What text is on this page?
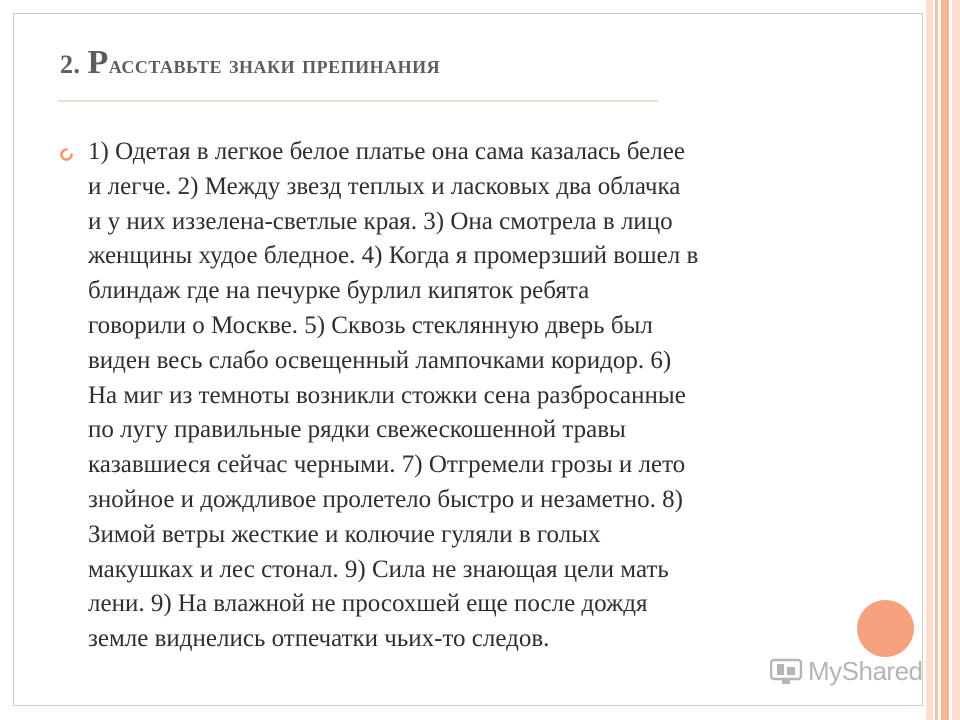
2. Расставьте знаки препинания

1) Одетая в легкое белое платье она сама казалась белее
и легче. 2) Между звезд теплых и ласковых два облачка
и у них иззелена-светлые края. 3) Она смотрела в лицо
женщины худое бледное. 4) Когда я промерзший вошел в
блиндаж где на печурке бурлил кипяток ребята
говорили о Москве. 5) Сквозь стеклянную дверь был
виден весь слабо освещенный лампочками коридор. 6)
На миг из темноты возникли стожки сена разбросанные
по лугу правильные рядки свежескошенной травы
казавшиеся сейчас черными. 7) Отгремели грозы и лето
знойное и дождливое пролетело быстро и незаметно. 8)
Зимой ветры жесткие и колючие гуляли в голых
макушках и лес стонал. 9) Сила не знающая цели мать
лени. 9) На влажной не просохшей еще после дождя
земле виднелись отпечатки чьих-то следов.

MyShared
